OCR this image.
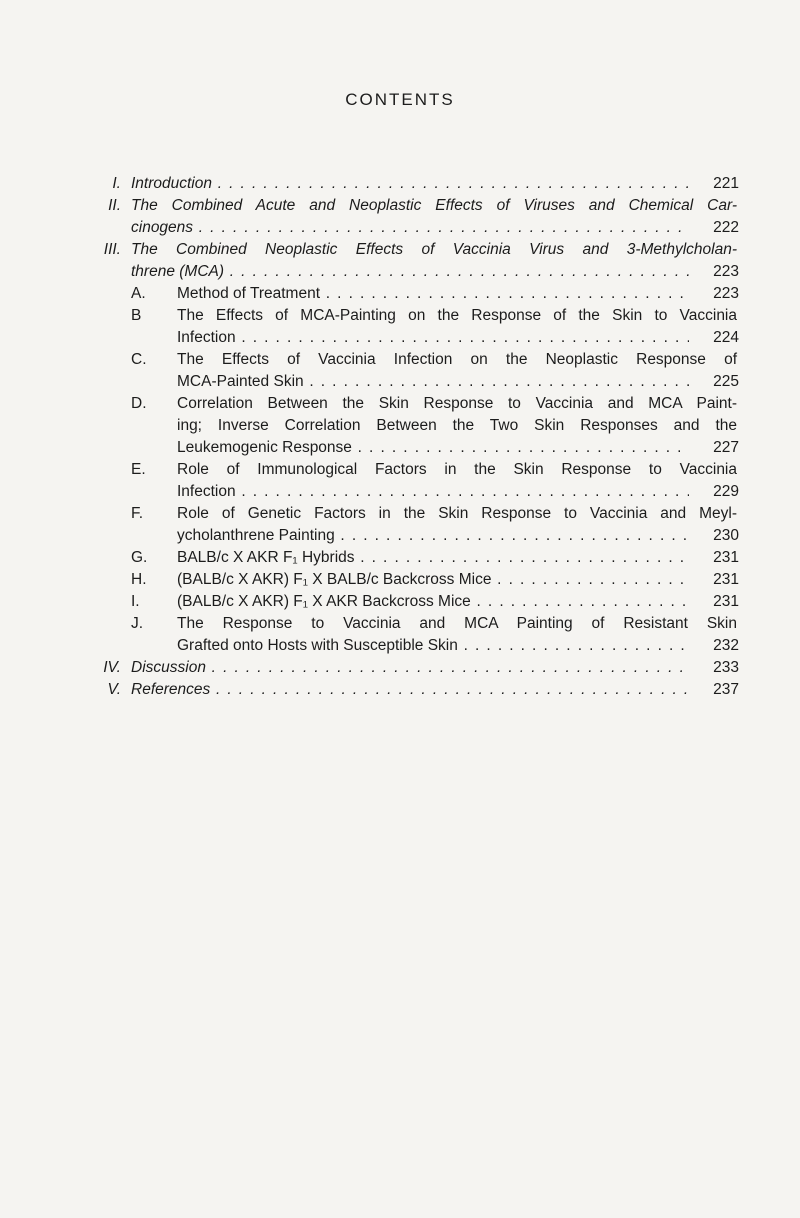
CONTENTS
I. Introduction . . .	221
II. The Combined Acute and Neoplastic Effects of Viruses and Chemical Car-
cinogens . . .	222
III. The Combined Neoplastic Effects of Vaccinia Virus and 3-Methylcholan-
threne (MCA) . . .	223
A. Method of Treatment . . .	223
B The Effects of MCA-Painting on the Response of the Skin to Vaccinia
Infection . . .	224
C. The Effects of Vaccinia Infection on the Neoplastic Response of
MCA-Painted Skin . . .	225
D. Correlation Between the Skin Response to Vaccinia and MCA Paint-
ing; Inverse Correlation Between the Two Skin Responses and the
Leukemogenic Response . . .	227
E. Role of Immunological Factors in the Skin Response to Vaccinia
Infection . . .	229
F. Role of Genetic Factors in the Skin Response to Vaccinia and Meyl-
ycholanthrene Painting . . .	230
G. BALB/c X AKR F₁ Hybrids . . .	231
H. (BALB/c X AKR) F₁ X BALB/c Backcross Mice . . .	231
I. (BALB/c X AKR) F₁ X AKR Backcross Mice . . .	231
J. The Response to Vaccinia and MCA Painting of Resistant Skin
Grafted onto Hosts with Susceptible Skin . . .	232
IV. Discussion . . .	233
V. References . . .	237
